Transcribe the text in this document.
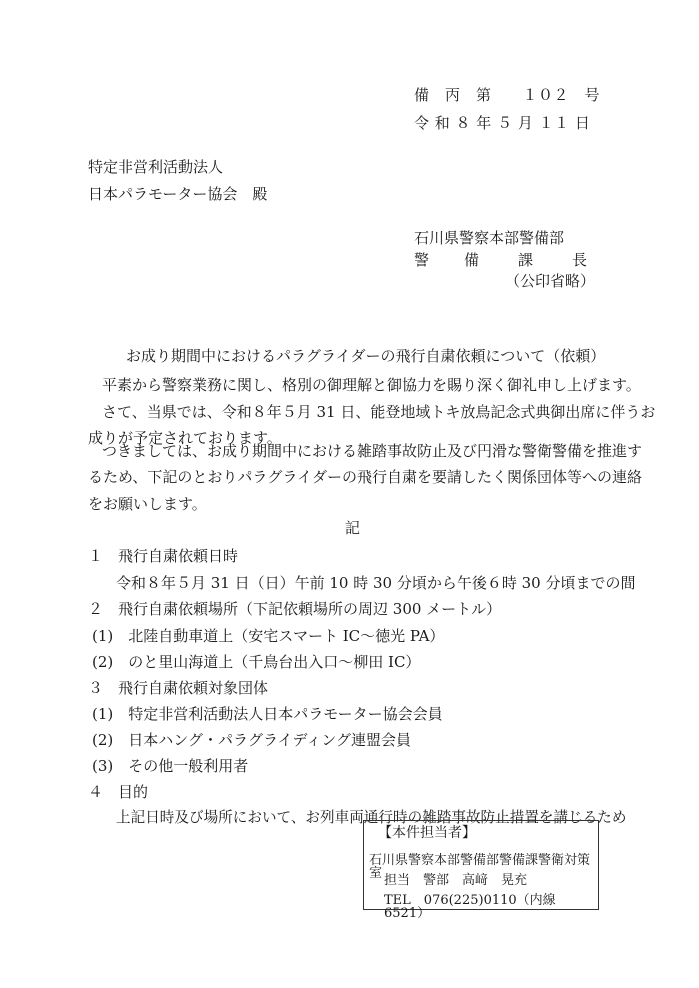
備　丙　第　　１０２　号
令 和 ８ 年 ５ 月 １１ 日
特定非営利活動法人
日本パラモーター協会　殿
石川県警察本部警備部
警 備	課	長
（公印省略）
お成り期間中におけるパラグライダーの飛行自粛依頼について（依頼）
平素から警察業務に関し、格別の御理解と御協力を賜り深く御礼申し上げます。
さて、当県では、令和８年５月 31 日、能登地域トキ放鳥記念式典御出席に伴うお
成りが予定されております。
つきましては、お成り期間中における雑踏事故防止及び円滑な警衛警備を推進す
るため、下記のとおりパラグライダーの飛行自粛を要請したく関係団体等への連絡
をお願いします。
記
１　飛行自粛依頼日時
令和８年５月 31 日（日）午前 10 時 30 分頃から午後６時 30 分頃までの間
２　飛行自粛依頼場所（下記依頼場所の周辺 300 メートル）
(1)　北陸自動車道上（安宅スマート IC～徳光 PA）
(2)　のと里山海道上（千鳥台出入口～柳田 IC）
３　飛行自粛依頼対象団体
(1)　特定非営利活動法人日本パラモーター協会会員
(2)　日本ハング・パラグライディング連盟会員
(3)　その他一般利用者
４　目的
上記日時及び場所において、お列車両通行時の雑踏事故防止措置を講じるため
【本件担当者】
石川県警察本部警備部警備課警衛対策室 担当　警部　高﨑　晃充
TEL　076(225)0110（内線 6521）
